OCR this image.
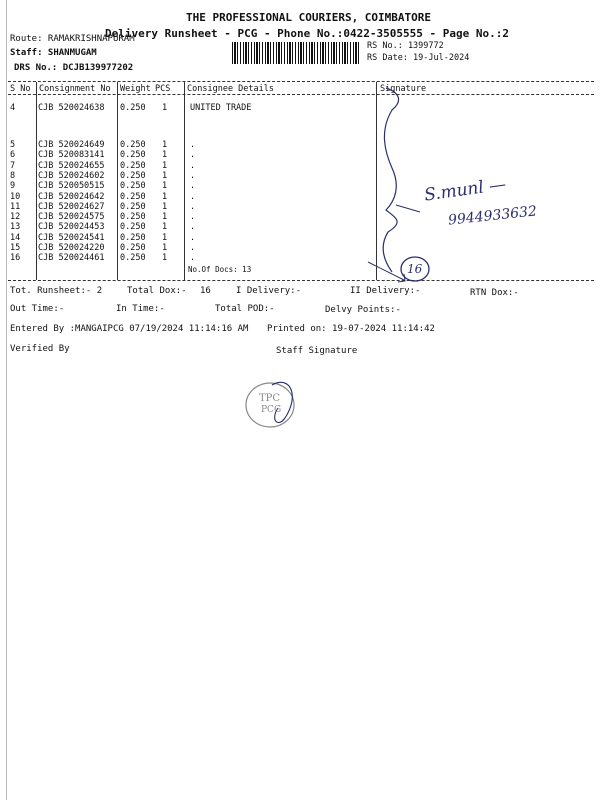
THE PROFESSIONAL COURIERS, COIMBATORE
Delivery Runsheet - PCG - Phone No.:0422-3505555 - Page No.:2
Route: RAMAKRISHNAPURAM
Staff: SHANMUGAM
DRS No.: DCJB139977202
RS No.: 1399772
RS Date: 19-Jul-2024
S No Consignment No Weight PCS Consignee Details	Signature
4	CJB 520024638 0.250 1	UNITED TRADE
5	CJB 520024649 0.250 1	.
6	CJB 520083141 0.250 1	.
7	CJB 520024655 0.250 1	.
8	CJB 520024602 0.250 1	.
9	CJB 520050515 0.250 1	.
10 CJB 520024642 0.250 1	.
11 CJB 520024627 0.250 1	.
12 CJB 520024575 0.250 1	.
13 CJB 520024453 0.250 1	.
14 CJB 520024541 0.250 1	.
15 CJB 520024220 0.250 1	.
16 CJB 520024461 0.250 1	.
No.Of Docs: 13
S.munl —
9944933632
16
TPC
PCG
Tot. Runsheet:- 2	Total Dox:- 16	I Delivery:-	II Delivery:-	RTN Dox:-
Out Time:-	In Time:-	Total POD:-	Delvy Points:-
Entered By :MANGAIPCG 07/19/2024 11:14:16 AM Printed on: 19-07-2024 11:14:42
Verified By	Staff Signature
